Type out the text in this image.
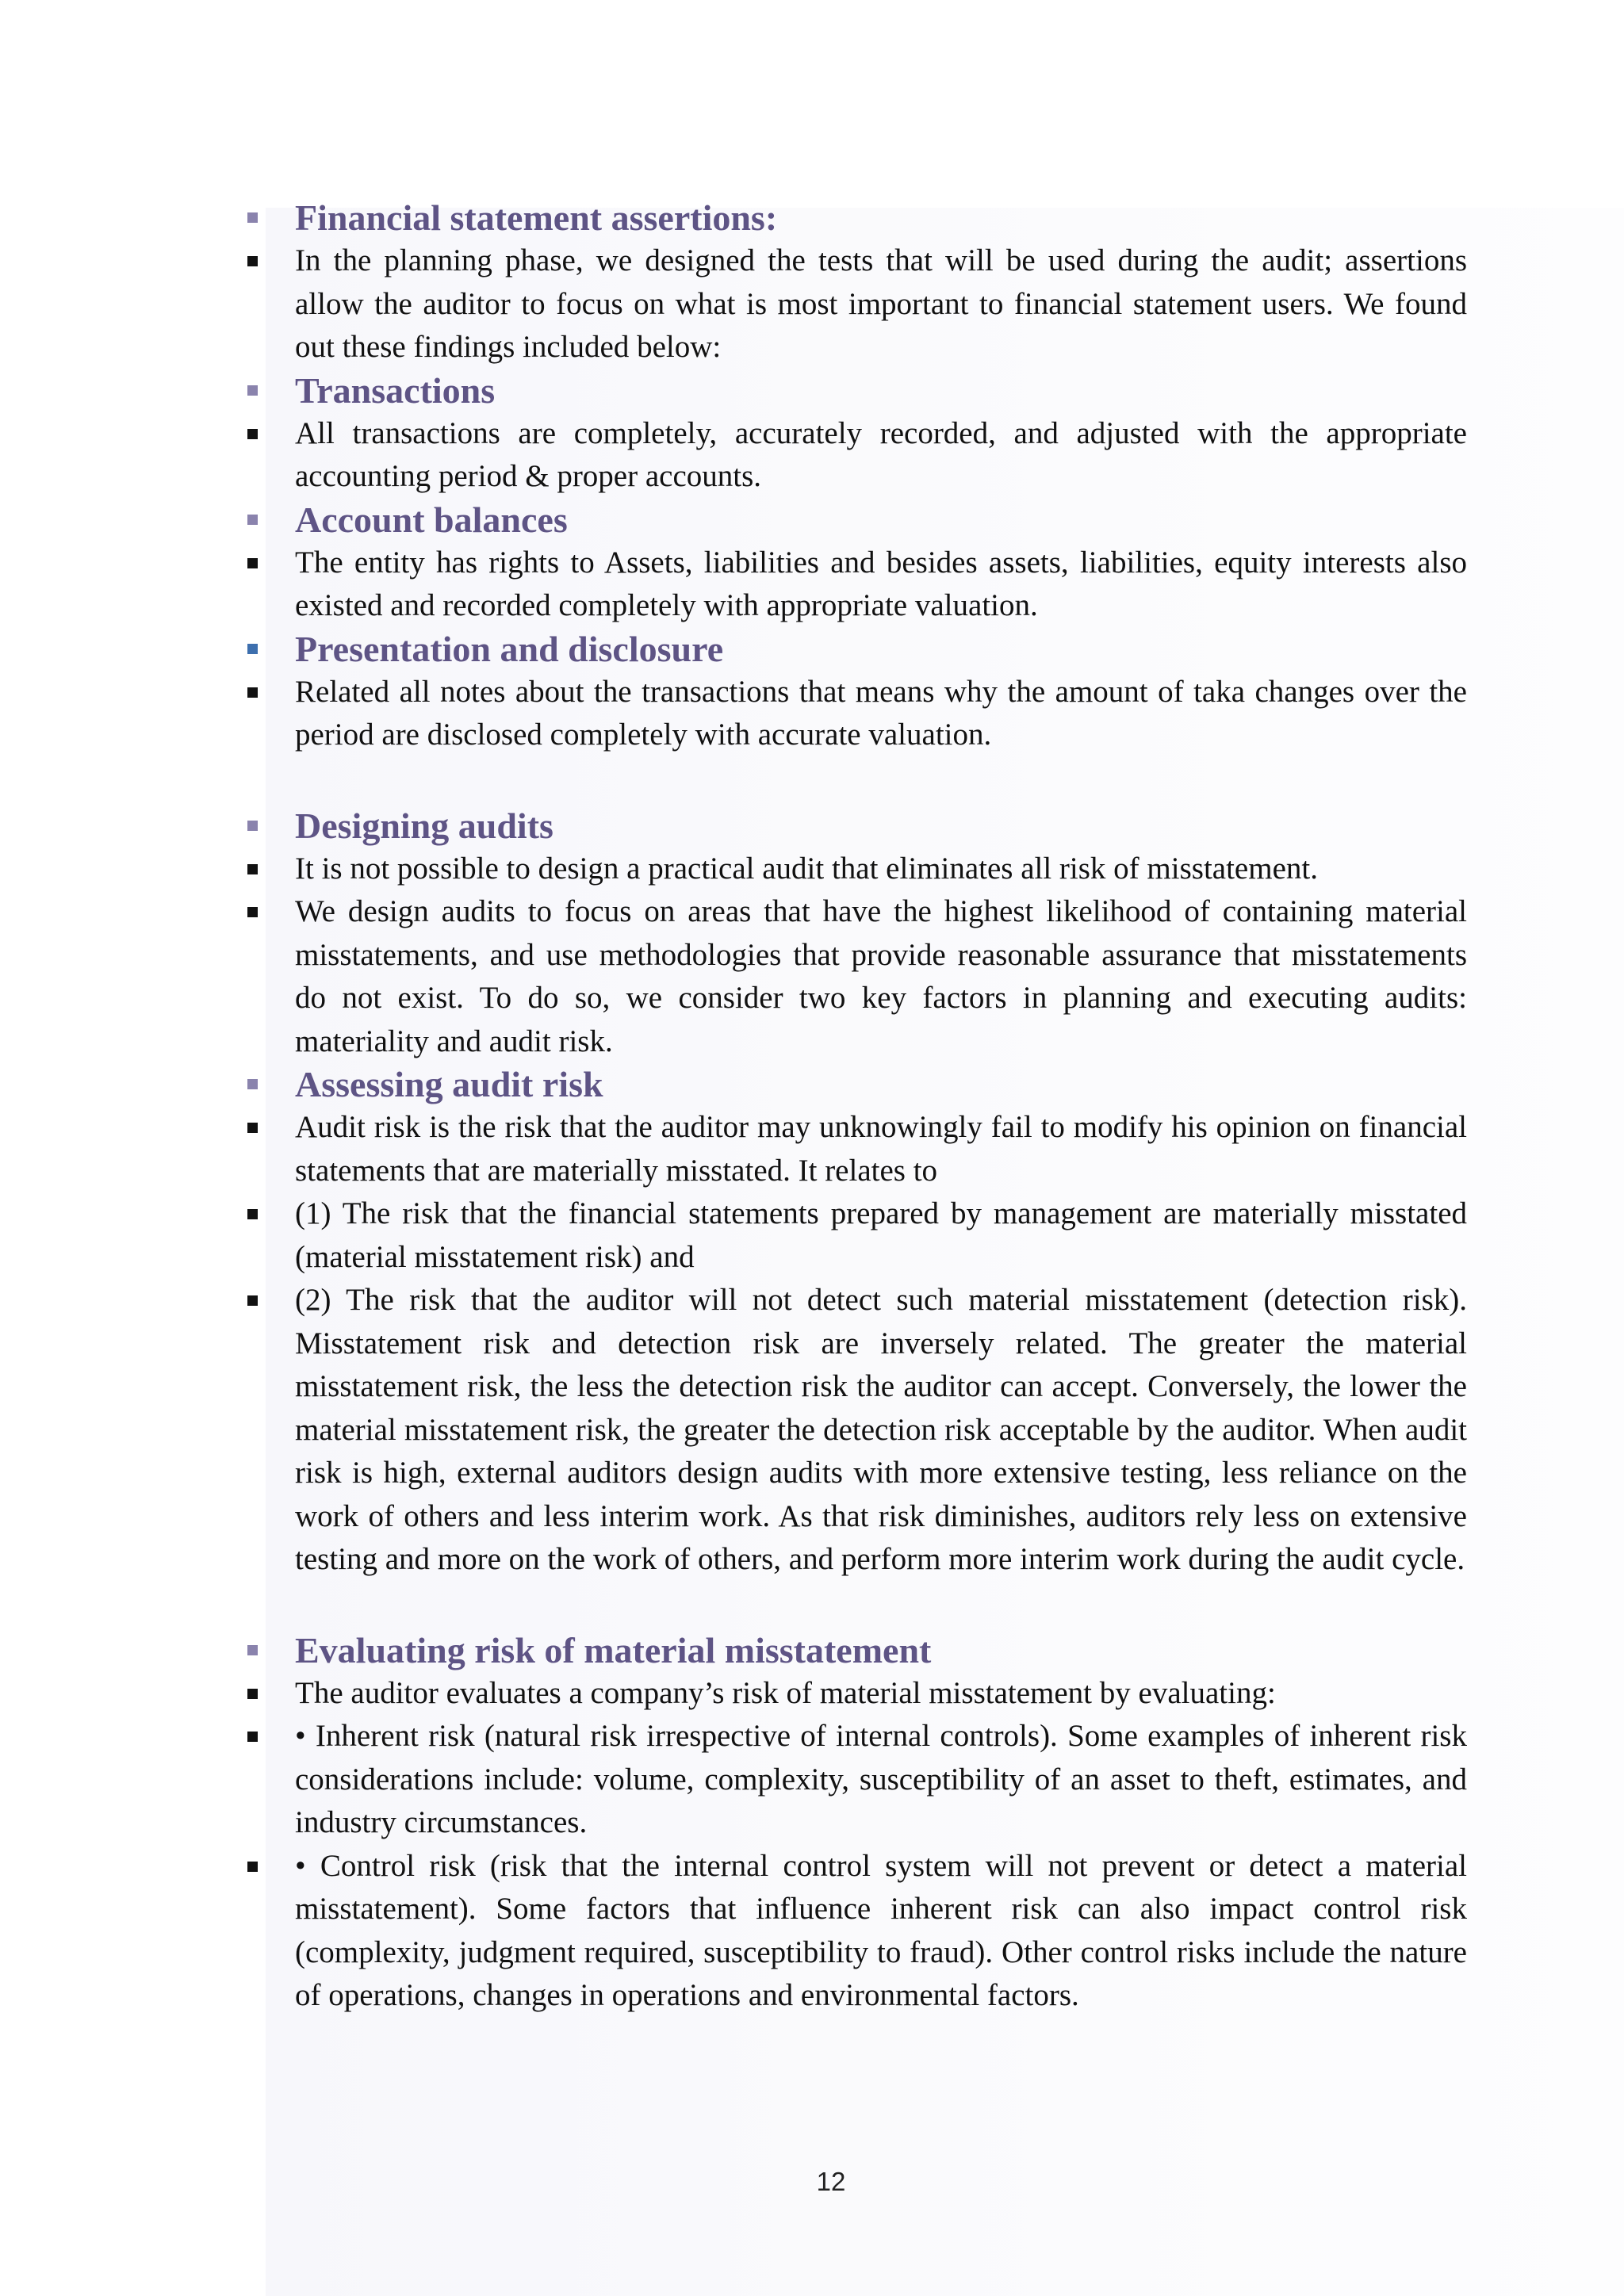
Financial statement assertions:
In the planning phase, we designed the tests that will be used during the audit; assertions allow the auditor to focus on what is most important to financial statement users. We found out these findings included below:
Transactions
All transactions are completely, accurately recorded, and adjusted with the appropriate accounting period & proper accounts.
Account balances
The entity has rights to Assets, liabilities and besides assets, liabilities, equity interests also existed and recorded completely with appropriate valuation.
Presentation and disclosure
Related all notes about the transactions that means why the amount of taka changes over the period are disclosed completely with accurate valuation.
Designing audits
It is not possible to design a practical audit that eliminates all risk of misstatement.
We design audits to focus on areas that have the highest likelihood of containing material misstatements, and use methodologies that provide reasonable assurance that misstatements do not exist. To do so, we consider two key factors in planning and executing audits: materiality and audit risk.
Assessing audit risk
Audit risk is the risk that the auditor may unknowingly fail to modify his opinion on financial statements that are materially misstated. It relates to
(1) The risk that the financial statements prepared by management are materially misstated (material misstatement risk) and
(2) The risk that the auditor will not detect such material misstatement (detection risk). Misstatement risk and detection risk are inversely related. The greater the material misstatement risk, the less the detection risk the auditor can accept. Conversely, the lower the material misstatement risk, the greater the detection risk acceptable by the auditor. When audit risk is high, external auditors design audits with more extensive testing, less reliance on the work of others and less interim work. As that risk diminishes, auditors rely less on extensive testing and more on the work of others, and perform more interim work during the audit cycle.
Evaluating risk of material misstatement
The auditor evaluates a company’s risk of material misstatement by evaluating:
• Inherent risk (natural risk irrespective of internal controls). Some examples of inherent risk considerations include: volume, complexity, susceptibility of an asset to theft, estimates, and industry circumstances.
• Control risk (risk that the internal control system will not prevent or detect a material misstatement). Some factors that influence inherent risk can also impact control risk (complexity, judgment required, susceptibility to fraud). Other control risks include the nature of operations, changes in operations and environmental factors.
12
